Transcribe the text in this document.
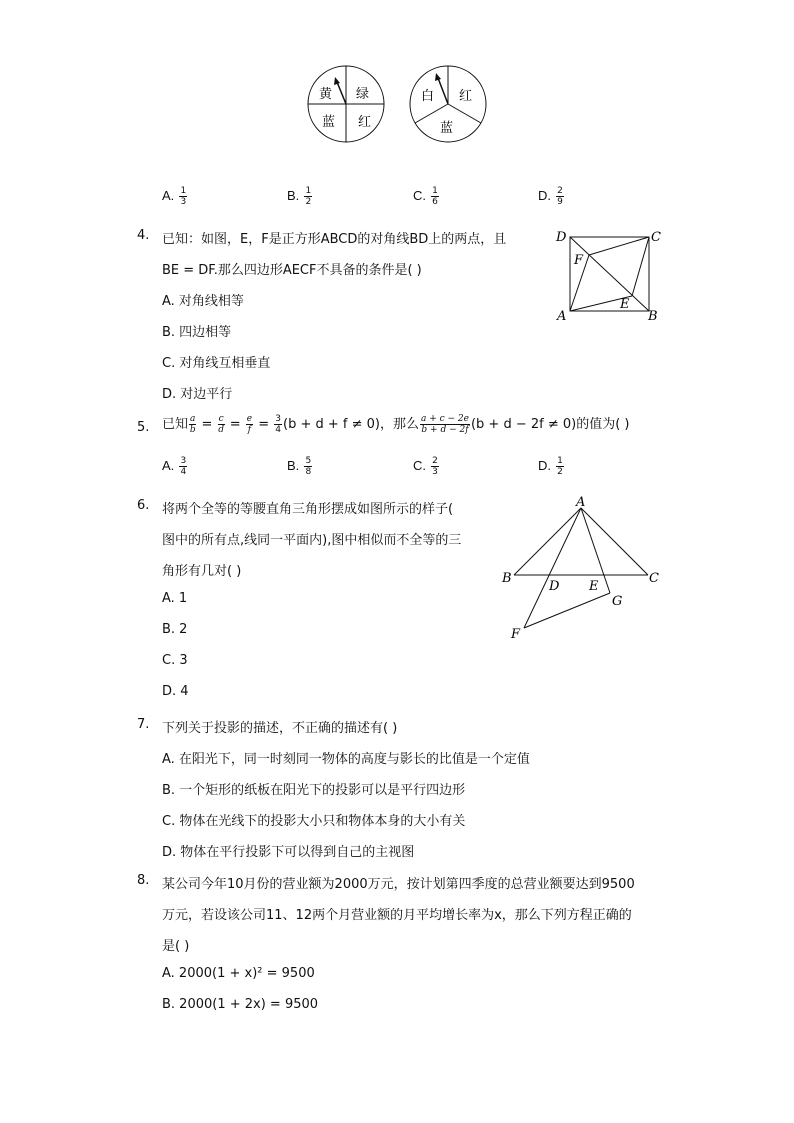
黄 绿
蓝 红
白 红
蓝
A. $\frac{1}{3}$	B. $\frac{1}{2}$	C. $\frac{1}{6}$	D. $\frac{2}{9}$
4. 已知：如图，E，F是正方形ABCD的对角线BD上的两点，且
BE = DF.那么四边形AECF不具备的条件是( )
A. 对角线相等
B. 四边相等
C. 对角线互相垂直
D. 对边平行
D	C
F
E
A	B
5. 已知 $\frac{a}{b} = \frac{c}{d} = \frac{e}{f} = \frac{3}{4} (b + d + f \ne 0)$，那么 $\frac{a + c - 2e}{b + d - 2f} (b + d - 2f \ne 0)$的值为( )
A. $\frac{3}{4}$	B. $\frac{5}{8}$	C. $\frac{2}{3}$	D. $\frac{1}{2}$
6. 将两个全等的等腰直角三角形摆成如图所示的样子(
图中的所有点,线同一平面内),图中相似而不全等的三
角形有几对( )
A. 1
B. 2
C. 3
D. 4
A
B	C
D E
G
F
7. 下列关于投影的描述，不正确的描述有( )
A. 在阳光下，同一时刻同一物体的高度与影长的比值是一个定值
B. 一个矩形的纸板在阳光下的投影可以是平行四边形
C. 物体在光线下的投影大小只和物体本身的大小有关
D. 物体在平行投影下可以得到自己的主视图
8. 某公司今年10月份的营业额为2000万元，按计划第四季度的总营业额要达到9500
万元，若设该公司11、12两个月营业额的月平均增长率为x，那么下列方程正确的
是( )
A. 2000(1 + x)² = 9500
B. 2000(1 + 2x) = 9500
